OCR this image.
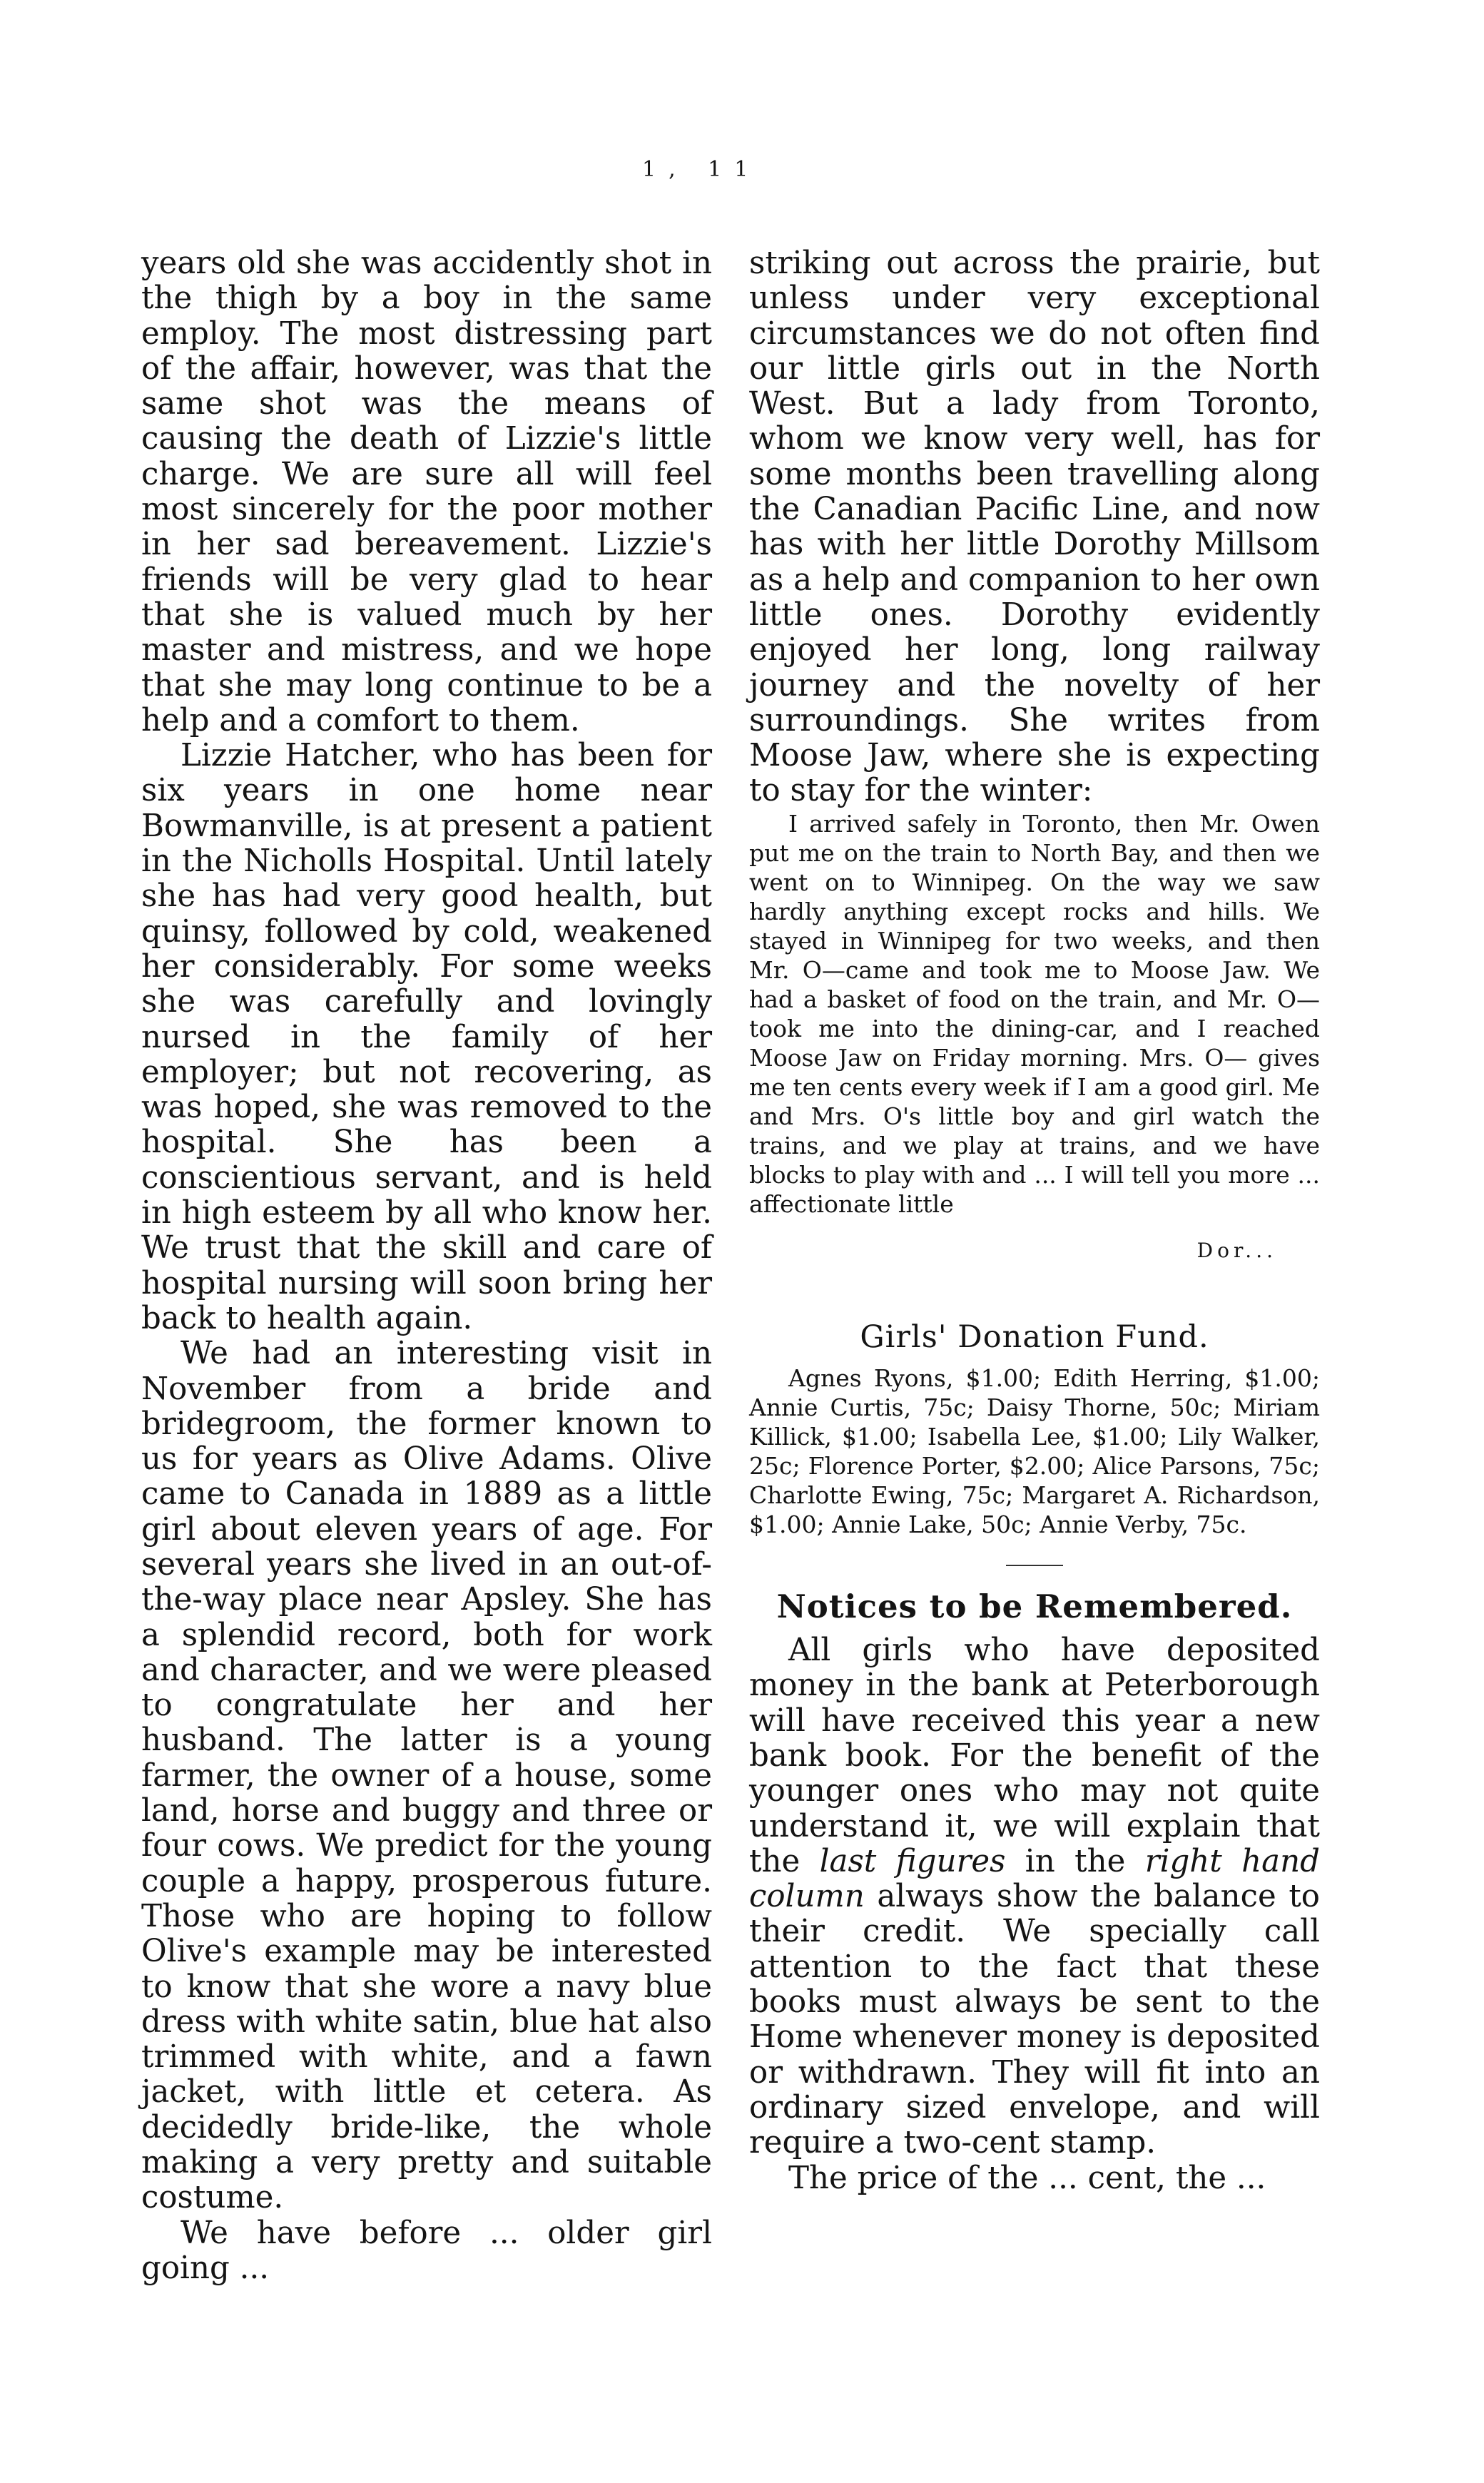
1, 11

years old she was accidently shot in the thigh by a boy in the same employ. The most distressing part of the affair, however, was that the same shot was the means of causing the death of Lizzie's little charge. We are sure all will feel most sincerely for the poor mother in her sad bereavement. Lizzie's friends will be very glad to hear that she is valued much by her master and mistress, and we hope that she may long continue to be a help and a comfort to them.

Lizzie Hatcher, who has been for six years in one home near Bowmanville, is at present a patient in the Nicholls Hospital. Until lately she has had very good health, but quinsy, followed by cold, weakened her considerably. For some weeks she was carefully and lovingly nursed in the family of her employer; but not recovering, as was hoped, she was removed to the hospital. She has been a conscientious servant, and is held in high esteem by all who know her. We trust that the skill and care of hospital nursing will soon bring her back to health again.

We had an interesting visit in November from a bride and bridegroom, the former known to us for years as Olive Adams. Olive came to Canada in 1889 as a little girl about eleven years of age. For several years she lived in an out-of-the-way place near Apsley. She has a splendid record, both for work and character, and we were pleased to congratulate her and her husband. The latter is a young farmer, the owner of a house, some land, horse and buggy and three or four cows. We predict for the young couple a happy, prosperous future. Those who are hoping to follow Olive's example may be interested to know that she wore a navy blue dress with white satin, blue hat also trimmed with white, and a fawn jacket, with little et cetera. As decidedly bride-like, the whole making a very pretty and suitable costume.

We have before ... older girl going ...

striking out across the prairie, but unless under very exceptional circumstances we do not often find our little girls out in the North West. But a lady from Toronto, whom we know very well, has for some months been travelling along the Canadian Pacific Line, and now has with her little Dorothy Millsom as a help and companion to her own little ones. Dorothy evidently enjoyed her long, long railway journey and the novelty of her surroundings. She writes from Moose Jaw, where she is expecting to stay for the winter:

I arrived safely in Toronto, then Mr. Owen put me on the train to North Bay, and then we went on to Winnipeg. On the way we saw hardly anything except rocks and hills. We stayed in Winnipeg for two weeks, and then Mr. O—came and took me to Moose Jaw. We had a basket of food on the train, and Mr. O— took me into the dining-car, and I reached Moose Jaw on Friday morning. Mrs. O— gives me ten cents every week if I am a good girl. Me and Mrs. O's little boy and girl watch the trains, and we play at trains, and we have blocks to play with and ... I will tell you more ... affectionate little

Dor...
Girls' Donation Fund.

Agnes Ryons, $1.00; Edith Herring, $1.00; Annie Curtis, 75c; Daisy Thorne, 50c; Miriam Killick, $1.00; Isabella Lee, $1.00; Lily Walker, 25c; Florence Porter, $2.00; Alice Parsons, 75c; Charlotte Ewing, 75c; Margaret A. Richardson, $1.00; Annie Lake, 50c; Annie Verby, 75c.

Notices to be Remembered.

All girls who have deposited money in the bank at Peterborough will have received this year a new bank book. For the benefit of the younger ones who may not quite understand it, we will explain that the last figures in the right hand column always show the balance to their credit. We specially call attention to the fact that these books must always be sent to the Home whenever money is deposited or withdrawn. They will fit into an ordinary sized envelope, and will require a two-cent stamp.

The price of the ... cent, the ...
